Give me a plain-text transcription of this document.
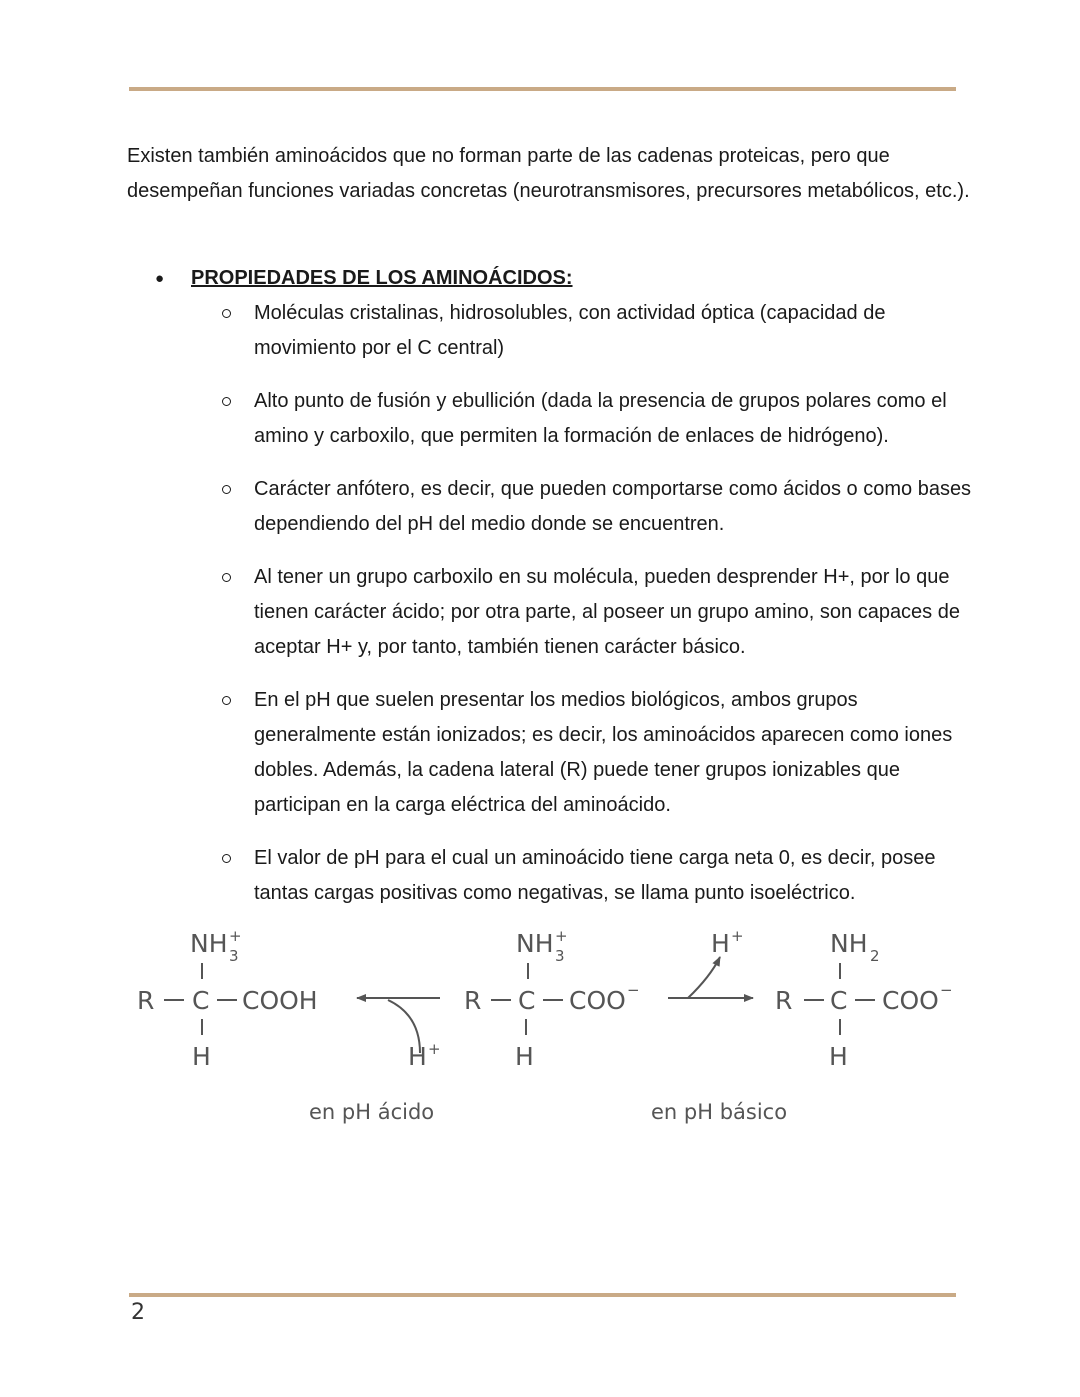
Existen también aminoácidos que no forman parte de las cadenas proteicas, pero que desempeñan funciones variadas concretas (neurotransmisores, precursores metabólicos, etc.).

● PROPIEDADES DE LOS AMINOÁCIDOS:
Moléculas cristalinas, hidrosolubles, con actividad óptica (capacidad de movimiento por el C central)
Alto punto de fusión y ebullición (dada la presencia de grupos polares como el amino y carboxilo, que permiten la formación de enlaces de hidrógeno).
Carácter anfótero, es decir, que pueden comportarse como ácidos o como bases dependiendo del pH del medio donde se encuentren.
Al tener un grupo carboxilo en su molécula, pueden desprender H+, por lo que tienen carácter ácido; por otra parte, al poseer un grupo amino, son capaces de aceptar H+ y, por tanto, también tienen carácter básico.
En el pH que suelen presentar los medios biológicos, ambos grupos generalmente están ionizados; es decir, los aminoácidos aparecen como iones dobles. Además, la cadena lateral (R) puede tener grupos ionizables que participan en la carga eléctrica del aminoácido.
El valor de pH para el cual un aminoácido tiene carga neta 0, es decir, posee tantas cargas positivas como negativas, se llama punto isoeléctrico.
NH 3
+
R C COOH
H	H +
NH 3
+
R C COO −
H
H +	NH 2
R C COO −
H
en pH ácido	en pH básico
2
